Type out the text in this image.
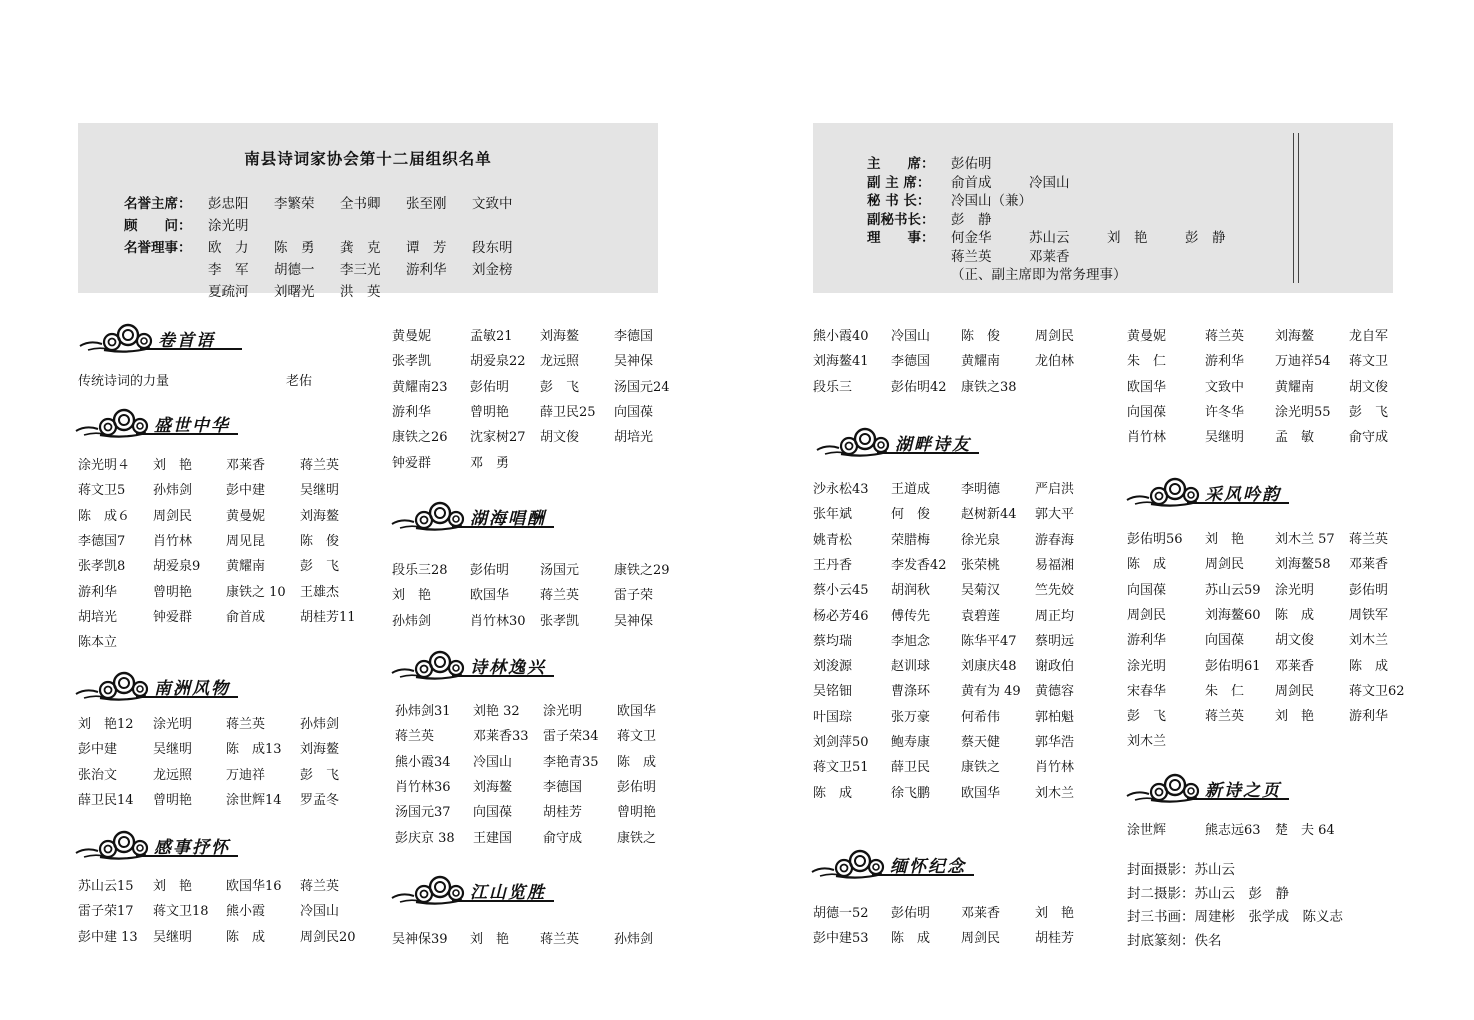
南县诗词家协会第十二届组织名单
名誉主席： 彭忠阳 李繁荣 全书卿 张至刚 文致中
顾　　问： 涂光明
名誉理事： 欧　力 陈　勇 龚　克 谭　芳 段东明
李　军 胡德一 李三光 游利华 刘金榜
夏疏河 刘曙光 洪　英
主　　席： 彭佑明
副 主 席： 俞首成	冷国山
秘 书 长： 冷国山（兼）
副秘书长： 彭　静
理　　事： 何金华	苏山云	刘　艳	彭　静
蒋兰英	邓莱香
（正、副主席即为常务理事）
卷首语
传统诗词的力量	老佑
盛世中华
涂光明４ 刘　艳	邓莱香	蒋兰英
蒋文卫5 孙炜剑	彭中建	吴继明
陈　成６ 周剑民	黄曼妮	刘海鳌
李德国7 肖竹林	周见昆	陈　俊
张孝凯8 胡爱泉9 黄耀南	彭　飞
游利华	曾明艳	康铁之 10 王雄杰
胡培光	钟爱群	俞首成	胡桂芳11
陈本立
南洲风物
刘　艳12 涂光明	蒋兰英	孙炜剑
彭中建	吴继明	陈　成13 刘海鳌
张治文	龙远照	万迪祥	彭　飞
薛卫民14 曾明艳	涂世辉14 罗孟冬
感事抒怀
苏山云15 刘　艳	欧国华16 蒋兰英
雷子荣17 蒋文卫18 熊小霞	冷国山
彭中建 13 吴继明	陈　成	周剑民20
黄曼妮	孟敏21 刘海鳌	李德国
张孝凯	胡爱泉22 龙远照	吴神保
黄耀南23 彭佑明 彭　飞	汤国元24
游利华	曾明艳 薛卫民25 向国葆
康铁之26 沈家树27 胡文俊	胡培光
钟爱群	邓　勇
湖海唱酬
段乐三28 彭佑明 汤国元	康铁之29
刘　艳	欧国华 蒋兰英	雷子荣
孙炜剑	肖竹林30 张孝凯	吴神保
诗林逸兴
孙炜剑31 刘艳 32 涂光明	欧国华
蒋兰英	邓莱香33 雷子荣34 蒋文卫
熊小霞34 冷国山 李艳青35 陈　成
肖竹林36 刘海鳌 李德国	彭佑明
汤国元37 向国葆 胡桂芳	曾明艳
彭庆京 38 王建国 俞守成	康铁之
江山览胜
吴神保39 刘　艳 蒋兰英	孙炜剑
熊小霞40 冷国山 陈　俊	周剑民
刘海鳌41 李德国 黄耀南	龙伯林
段乐三	彭佑明42 康铁之38
湖畔诗友
沙永松43 王道成 李明德	严启洪
张年斌	何　俊 赵树新44 郭大平
姚青松	荣腊梅 徐光泉	游春海
王丹香	李发香42 张荣桃	易福湘
蔡小云45 胡润秋 吴菊汉	竺先姣
杨必芳46 傅传先 袁碧莲	周正均
蔡均瑞	李旭念 陈华平47 蔡明远
刘浚源	赵训球 刘康庆48 谢政伯
吴铭钿	曹涤环 黄有为 49 黄德容
叶国琮	张万豪 何希伟	郭柏魁
刘剑萍50 鲍寿康 蔡天健	郭华浩
蒋文卫51 薛卫民 康铁之	肖竹林
陈　成	徐飞鹏 欧国华	刘木兰
缅怀纪念
胡德一52 彭佑明 邓莱香	刘　艳
彭中建53 陈　成 周剑民	胡桂芳
黄曼妮	蒋兰英 刘海鳌	龙自军
朱　仁	游利华 万迪祥54 蒋文卫
欧国华	文致中 黄耀南	胡文俊
向国葆	许冬华 涂光明55 彭　飞
肖竹林	吴继明 孟　敏	俞守成
采风吟韵
彭佑明56 刘　艳 刘木兰 57 蒋兰英
陈　成	周剑民 刘海鳌58 邓莱香
向国葆	苏山云59 涂光明	彭佑明
周剑民	刘海鳌60 陈　成	周铁军
游利华	向国葆 胡文俊	刘木兰
涂光明	彭佑明61 邓莱香	陈　成
宋春华	朱　仁 周剑民	蒋文卫62
彭　飞	蒋兰英 刘　艳	游利华
刘木兰
新诗之页
涂世辉	熊志远63 楚　夫 64
封面摄影：苏山云
封二摄影：苏山云　彭　静
封三书画：周建彬　张学成　陈义志
封底篆刻：佚名
